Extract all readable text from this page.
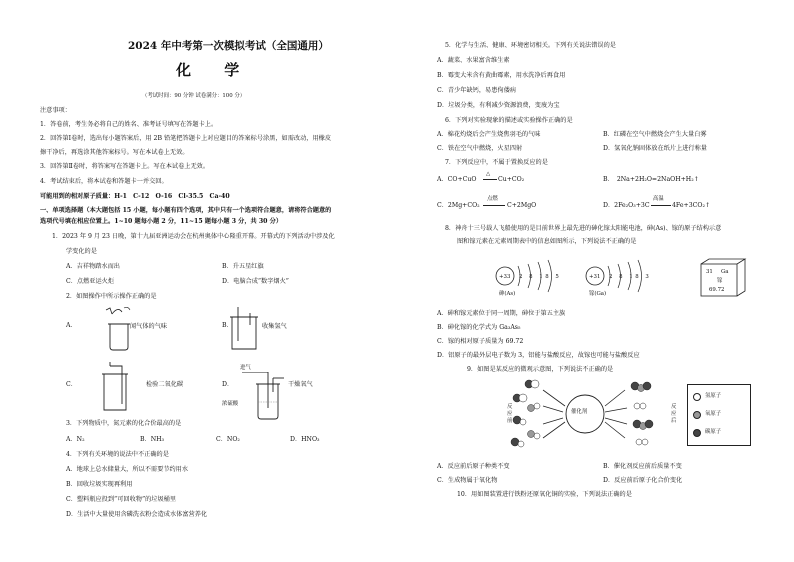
2024 年中考第一次模拟考试（全国通用）
化 学
（考试时间：90 分钟 试卷满分：100 分）
注意事项：
1．答卷前，考生务必将自己的姓名、准考证号填写在答题卡上。
2．回答第Ⅰ卷时，选出每小题答案后，用 2B 铅笔把答题卡上对应题目的答案标号涂黑，如需改动，用橡皮
擦干净后，再选涂其他答案标号。写在本试卷上无效。
3．回答第Ⅱ卷时，将答案写在答题卡上。写在本试卷上无效。
4．考试结束后，将本试卷和答题卡一并交回。
可能用到的相对原子质量：H-1　C-12　O-16　Cl-35.5　Ca-40
一、单项选择题（本大题包括 15 小题，每小题有四个选项，其中只有一个选项符合题意，请将符合题意的
选项代号填在相应位置上。1~10 题每小题 2 分，11~15 题每小题 3 分，共 30 分）
1．2023 年 9 月 23 日晚，第十九届亚洲运动会在杭州奥体中心隆重开幕。开幕式的下列活动中涉及化
学变化的是
A．吉祥物踏水而出	B．升五星红旗
C．点燃亚运火炬	D．电脑合成“数字烟火”
2．如图操作中所示操作正确的是
A．	闻气体的气味	B．	收集氢气
C．	检验二氧化碳	D．
进气
浓硫酸
干燥氧气
3．下列物质中，氮元素的化合价最高的是
A．N₂	B．NH₃	C．NO₂	D．HNO₃
4．下列有关环境的说法中不正确的是
A．地球上总水储量大，所以不需要节约用水
B．回收垃圾实现再利用
C．塑料瓶应投到“可回收物”的垃圾桶里
D．生活中大量使用含磷洗衣粉会造成水体富营养化
5．化学与生活、健康、环境密切相关。下列有关说法错误的是
A．蔬菜、水果富含维生素
B．霉变大米含有黄曲霉素，用水洗净后再食用
C．青少年缺钙，易患佝偻病
D．垃圾分类，有利减少资源浪费，变废为宝
6．下列对实验现象的描述或实验操作正确的是
A．棉花灼烧后会产生烧焦羽毛的气味	B．红磷在空气中燃烧会产生大量白雾
C．铁在空气中燃烧，火星四射	D．氢氧化钠固体放在纸片上进行称量
7．下列反应中，不属于置换反应的是
A．CO+CuO
△
Cu+CO₂	B．　2Na+2H₂O=2NaOH+H₂↑
C．2Mg+CO₂
点燃
C+2MgO	D．2Fe₂O₃+3C
高温
4Fe+3CO₂↑
8．神舟十三号载人飞船使用的是目前世界上最先进的砷化镓太阳能电池，砷(As)、镓的原子结构示意
图和镓元素在元素周期表中的信息如图所示，下列说法不正确的是
+33 2 8 18 5
砷(As)
+31 2 8 18 3
镓(Ga)
31 Ga
镓
69.72
A．砷和镓元素位于同一周期，砷位于第五主族
B．砷化镓的化学式为 Ga₃As₅
C．镓的相对原子质量为 69.72
D．铝原子的最外层电子数为 3，铝能与盐酸反应，故镓也可能与盐酸反应
9．如图是某反应的微观示意图，下列说法不正确的是
反应前
催化剂
反应后
氢原子
氧原子
碳原子
A．反应前后原子种类不变	B．催化剂反应前后质量不变
C．生成物属于氧化物	D．反应前后原子化合价变化
10．用如图装置进行铁粉还原氧化铜的实验，下列说法正确的是
